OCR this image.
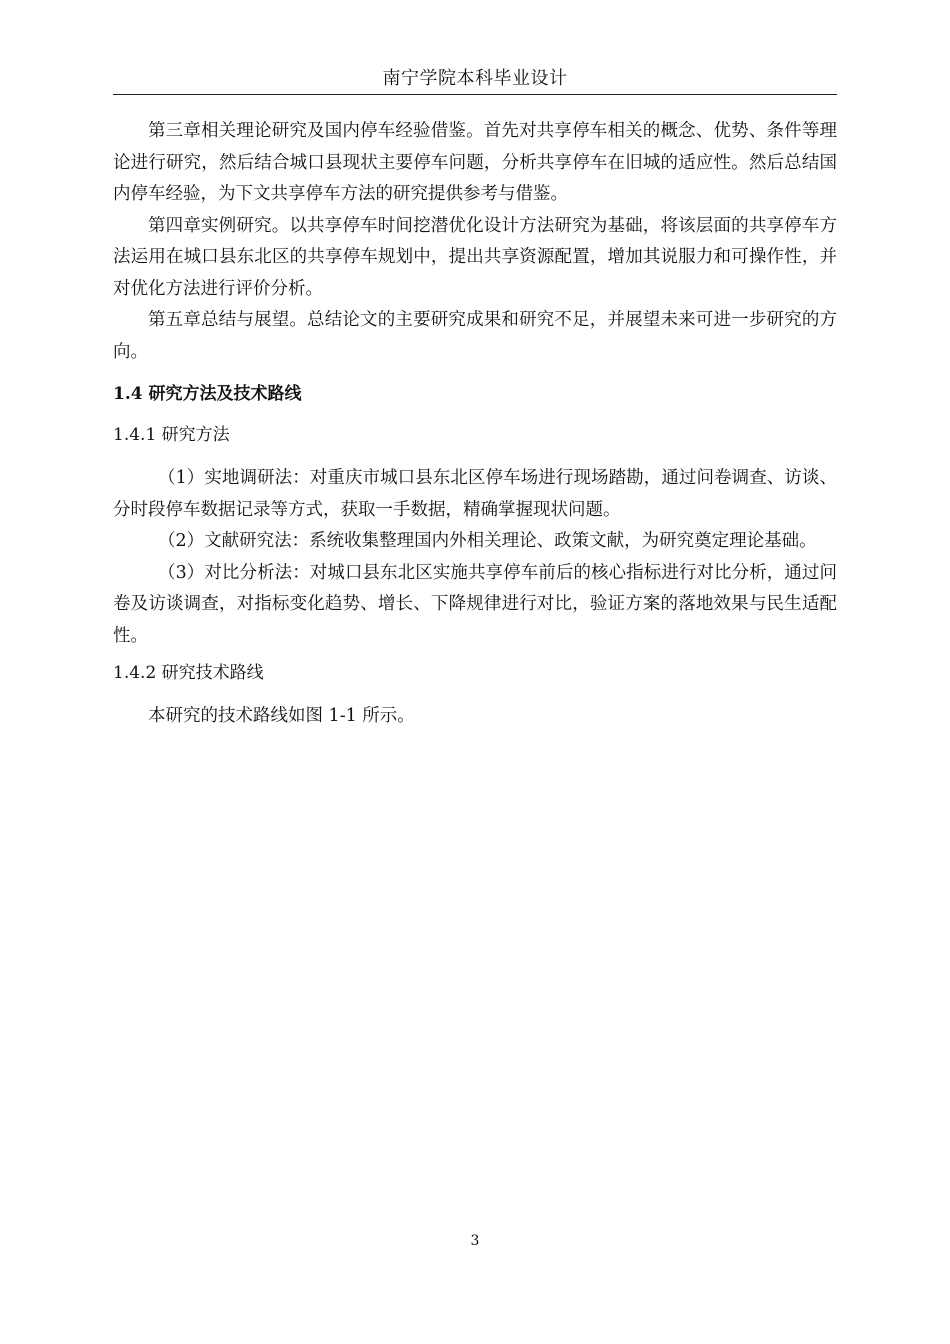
南宁学院本科毕业设计

第三章相关理论研究及国内停车经验借鉴。首先对共享停车相关的概念、优势、条件等理论进行研究，然后结合城口县现状主要停车问题，分析共享停车在旧城的适应性。然后总结国内停车经验，为下文共享停车方法的研究提供参考与借鉴。

第四章实例研究。以共享停车时间挖潜优化设计方法研究为基础，将该层面的共享停车方法运用在城口县东北区的共享停车规划中，提出共享资源配置，增加其说服力和可操作性，并对优化方法进行评价分析。

第五章总结与展望。总结论文的主要研究成果和研究不足，并展望未来可进一步研究的方向。

1.4 研究方法及技术路线

1.4.1 研究方法

（1）实地调研法：对重庆市城口县东北区停车场进行现场踏勘，通过问卷调查、访谈、分时段停车数据记录等方式，获取一手数据，精确掌握现状问题。

（2）文献研究法：系统收集整理国内外相关理论、政策文献，为研究奠定理论基础。

（3）对比分析法：对城口县东北区实施共享停车前后的核心指标进行对比分析，通过问卷及访谈调查，对指标变化趋势、增长、下降规律进行对比，验证方案的落地效果与民生适配性。

1.4.2 研究技术路线

本研究的技术路线如图 1-1 所示。

3
